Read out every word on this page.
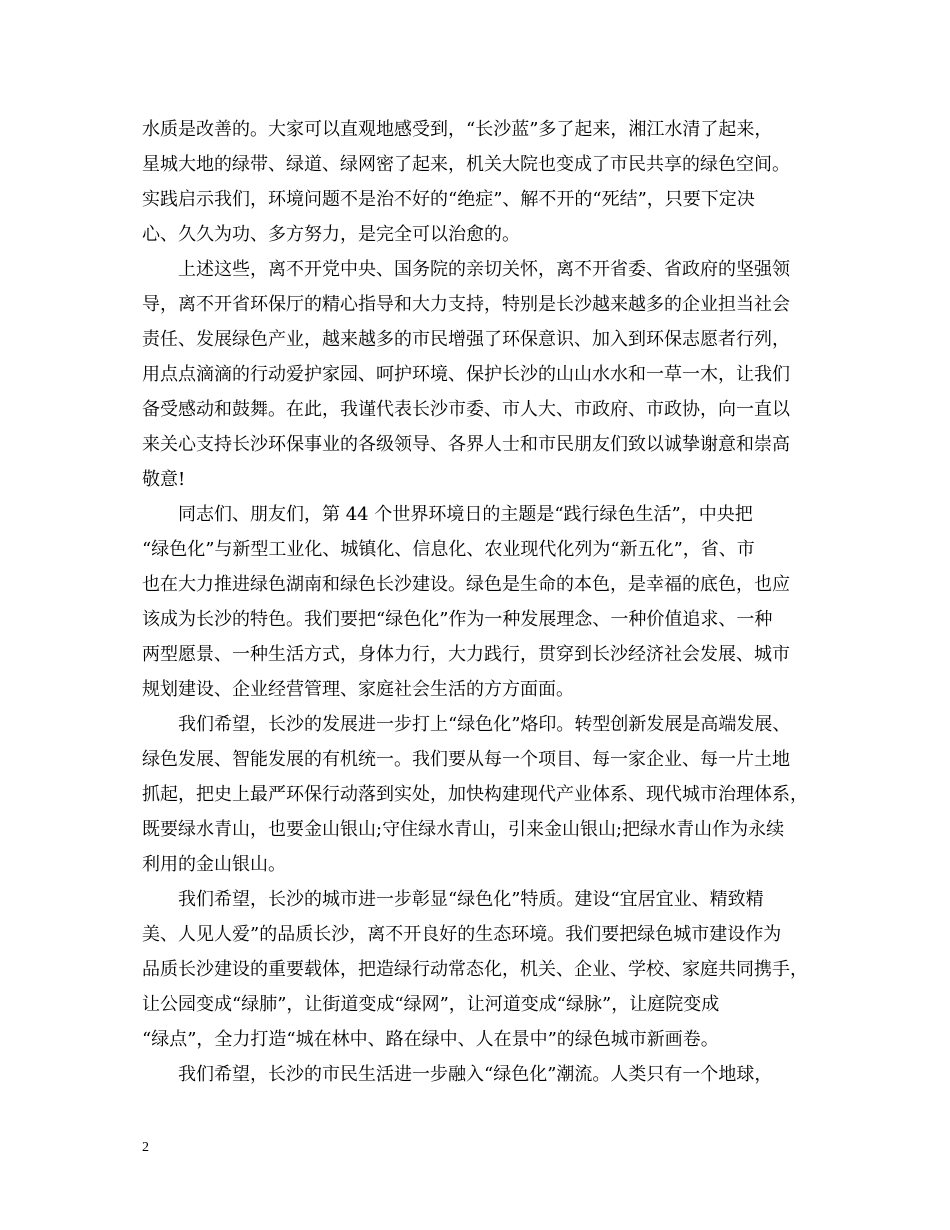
水质是改善的。大家可以直观地感受到，“长沙蓝”多了起来，湘江水清了起来，
星城大地的绿带、绿道、绿网密了起来，机关大院也变成了市民共享的绿色空间。
实践启示我们，环境问题不是治不好的“绝症”、解不开的“死结”，只要下定决
心、久久为功、多方努力，是完全可以治愈的。
　　上述这些，离不开党中央、国务院的亲切关怀，离不开省委、省政府的坚强领
导，离不开省环保厅的精心指导和大力支持，特别是长沙越来越多的企业担当社会
责任、发展绿色产业，越来越多的市民增强了环保意识、加入到环保志愿者行列，
用点点滴滴的行动爱护家园、呵护环境、保护长沙的山山水水和一草一木，让我们
备受感动和鼓舞。在此，我谨代表长沙市委、市人大、市政府、市政协，向一直以
来关心支持长沙环保事业的各级领导、各界人士和市民朋友们致以诚挚谢意和崇高
敬意!
　　同志们、朋友们，第 44 个世界环境日的主题是“践行绿色生活”，中央把
“绿色化”与新型工业化、城镇化、信息化、农业现代化列为“新五化”，省、市
也在大力推进绿色湖南和绿色长沙建设。绿色是生命的本色，是幸福的底色，也应
该成为长沙的特色。我们要把“绿色化”作为一种发展理念、一种价值追求、一种
两型愿景、一种生活方式，身体力行，大力践行，贯穿到长沙经济社会发展、城市
规划建设、企业经营管理、家庭社会生活的方方面面。
　　我们希望，长沙的发展进一步打上“绿色化”烙印。转型创新发展是高端发展、
绿色发展、智能发展的有机统一。我们要从每一个项目、每一家企业、每一片土地
抓起，把史上最严环保行动落到实处，加快构建现代产业体系、现代城市治理体系，
既要绿水青山，也要金山银山;守住绿水青山，引来金山银山;把绿水青山作为永续
利用的金山银山。
　　我们希望，长沙的城市进一步彰显“绿色化”特质。建设“宜居宜业、精致精
美、人见人爱”的品质长沙，离不开良好的生态环境。我们要把绿色城市建设作为
品质长沙建设的重要载体，把造绿行动常态化，机关、企业、学校、家庭共同携手，
让公园变成“绿肺”，让街道变成“绿网”，让河道变成“绿脉”，让庭院变成
“绿点”，全力打造“城在林中、路在绿中、人在景中”的绿色城市新画卷。
　　我们希望，长沙的市民生活进一步融入“绿色化”潮流。人类只有一个地球，
2
